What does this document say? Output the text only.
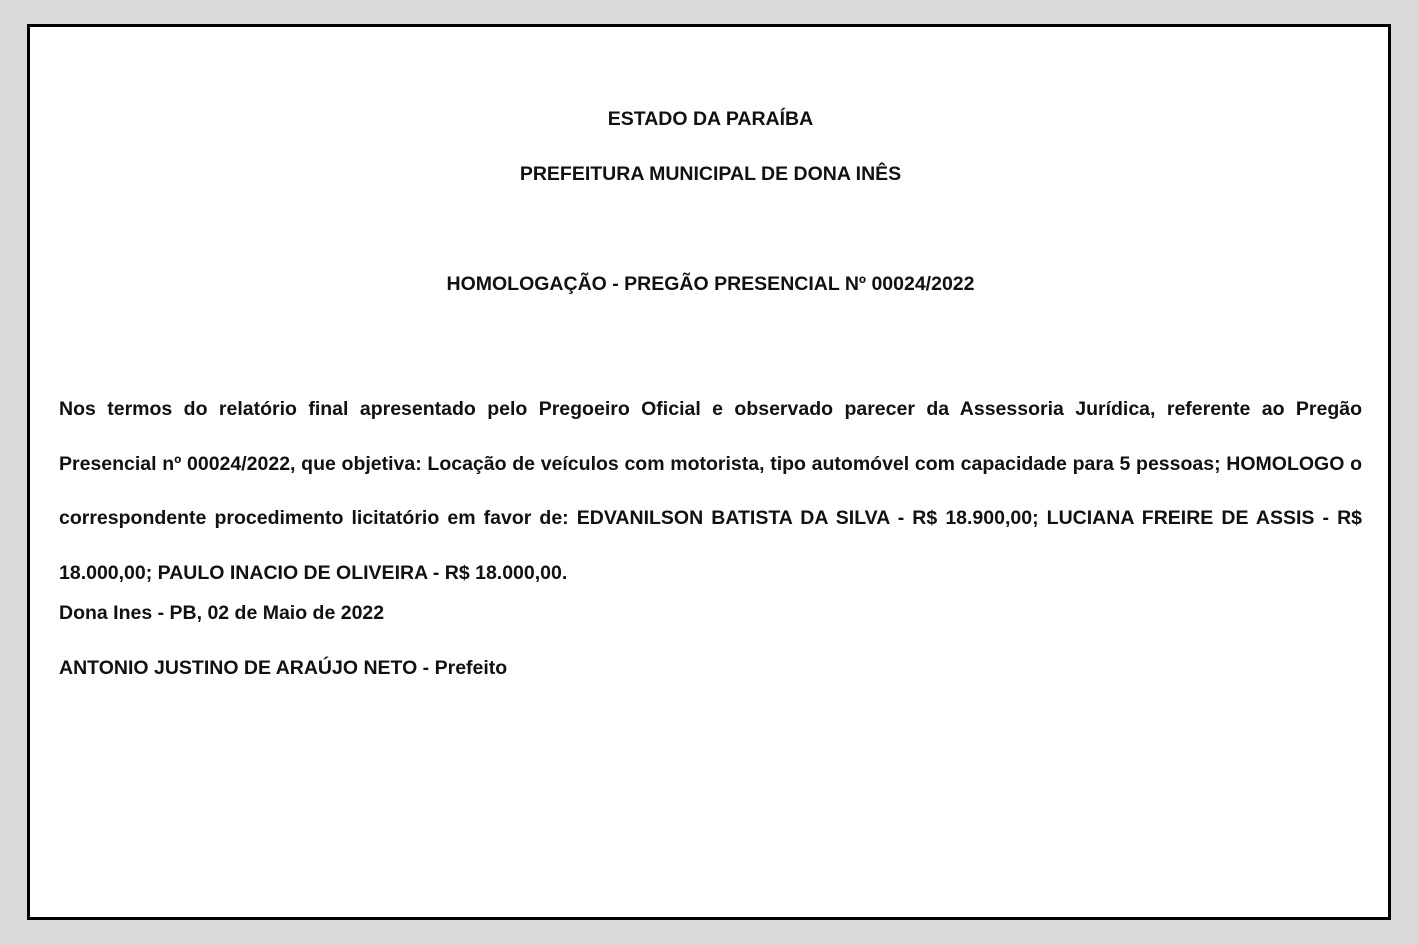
ESTADO DA PARAÍBA

PREFEITURA MUNICIPAL DE DONA INÊS

HOMOLOGAÇÃO - PREGÃO PRESENCIAL Nº 00024/2022

Nos termos do relatório final apresentado pelo Pregoeiro Oficial e observado parecer da Assessoria Jurídica, referente ao Pregão Presencial nº 00024/2022, que objetiva: Locação de veículos com motorista, tipo automóvel com capacidade para 5 pessoas; HOMOLOGO o correspondente procedimento licitatório em favor de: EDVANILSON BATISTA DA SILVA - R$ 18.900,00; LUCIANA FREIRE DE ASSIS - R$ 18.000,00; PAULO INACIO DE OLIVEIRA - R$ 18.000,00.

Dona Ines - PB, 02 de Maio de 2022

ANTONIO JUSTINO DE ARAÚJO NETO - Prefeito
